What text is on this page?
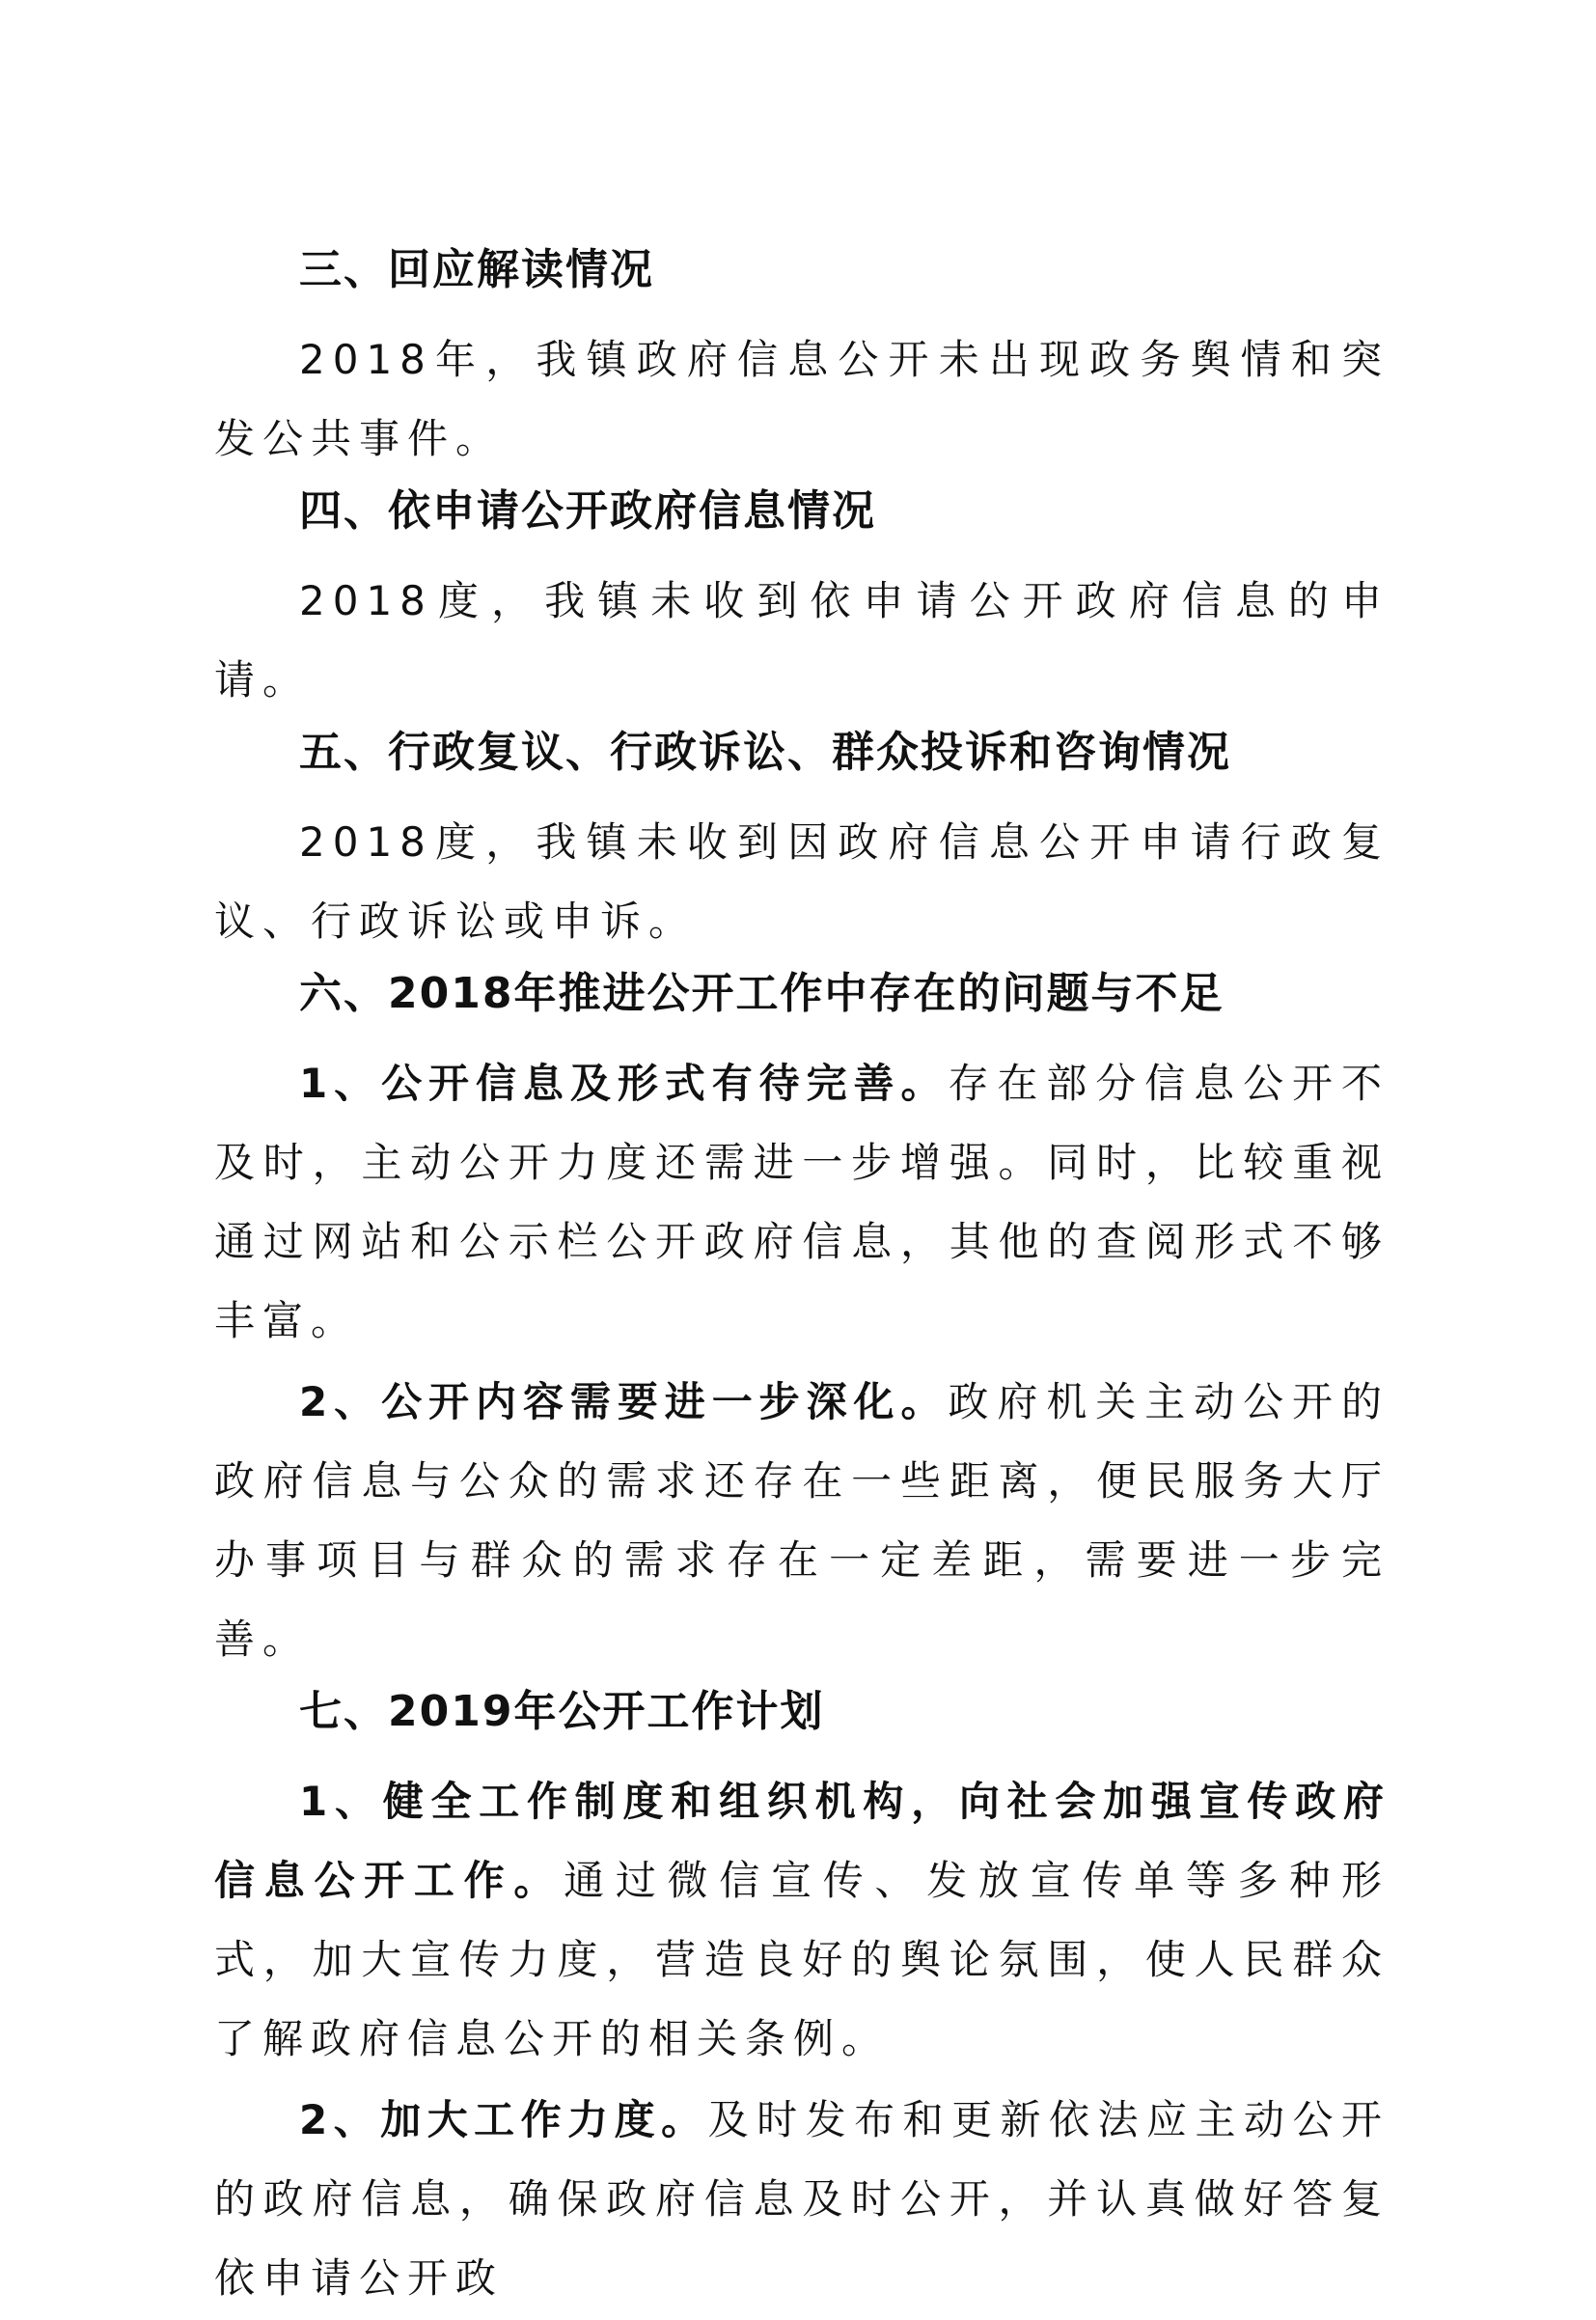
三、回应解读情况

2018年，我镇政府信息公开未出现政务舆情和突发公共事件。

四、依申请公开政府信息情况

2018度，我镇未收到依申请公开政府信息的申请。

五、行政复议、行政诉讼、群众投诉和咨询情况

2018度，我镇未收到因政府信息公开申请行政复议、行政诉讼或申诉。

六、2018年推进公开工作中存在的问题与不足

1、公开信息及形式有待完善。存在部分信息公开不及时，主动公开力度还需进一步增强。同时，比较重视通过网站和公示栏公开政府信息，其他的查阅形式不够丰富。

2、公开内容需要进一步深化。政府机关主动公开的政府信息与公众的需求还存在一些距离，便民服务大厅办事项目与群众的需求存在一定差距，需要进一步完善。

七、2019年公开工作计划

1、健全工作制度和组织机构，向社会加强宣传政府信息公开工作。通过微信宣传、发放宣传单等多种形式，加大宣传力度，营造良好的舆论氛围，使人民群众了解政府信息公开的相关条例。

2、加大工作力度。及时发布和更新依法应主动公开的政府信息，确保政府信息及时公开，并认真做好答复依申请公开政
